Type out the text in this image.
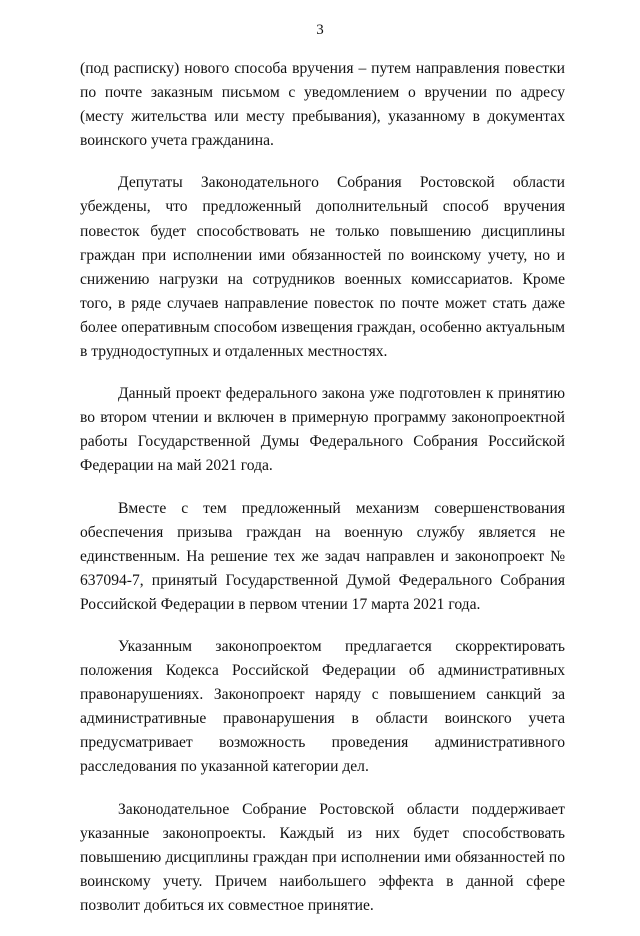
3

(под расписку) нового способа вручения – путем направления повестки по почте заказным письмом с уведомлением о вручении по адресу (месту жительства или месту пребывания), указанному в документах воинского учета гражданина.

Депутаты Законодательного Собрания Ростовской области убеждены, что предложенный дополнительный способ вручения повесток будет способствовать не только повышению дисциплины граждан при исполнении ими обязанностей по воинскому учету, но и снижению нагрузки на сотрудников военных комиссариатов. Кроме того, в ряде случаев направление повесток по почте может стать даже более оперативным способом извещения граждан, особенно актуальным в труднодоступных и отдаленных местностях.

Данный проект федерального закона уже подготовлен к принятию во втором чтении и включен в примерную программу законопроектной работы Государственной Думы Федерального Собрания Российской Федерации на май 2021 года.

Вместе с тем предложенный механизм совершенствования обеспечения призыва граждан на военную службу является не единственным. На решение тех же задач направлен и законопроект № 637094-7, принятый Государственной Думой Федерального Собрания Российской Федерации в первом чтении 17 марта 2021 года.

Указанным законопроектом предлагается скорректировать положения Кодекса Российской Федерации об административных правонарушениях. Законопроект наряду с повышением санкций за административные правонарушения в области воинского учета предусматривает возможность проведения административного расследования по указанной категории дел.

Законодательное Собрание Ростовской области поддерживает указанные законопроекты. Каждый из них будет способствовать повышению дисциплины граждан при исполнении ими обязанностей по воинскому учету. Причем наибольшего эффекта в данной сфере позволит добиться их совместное принятие.
